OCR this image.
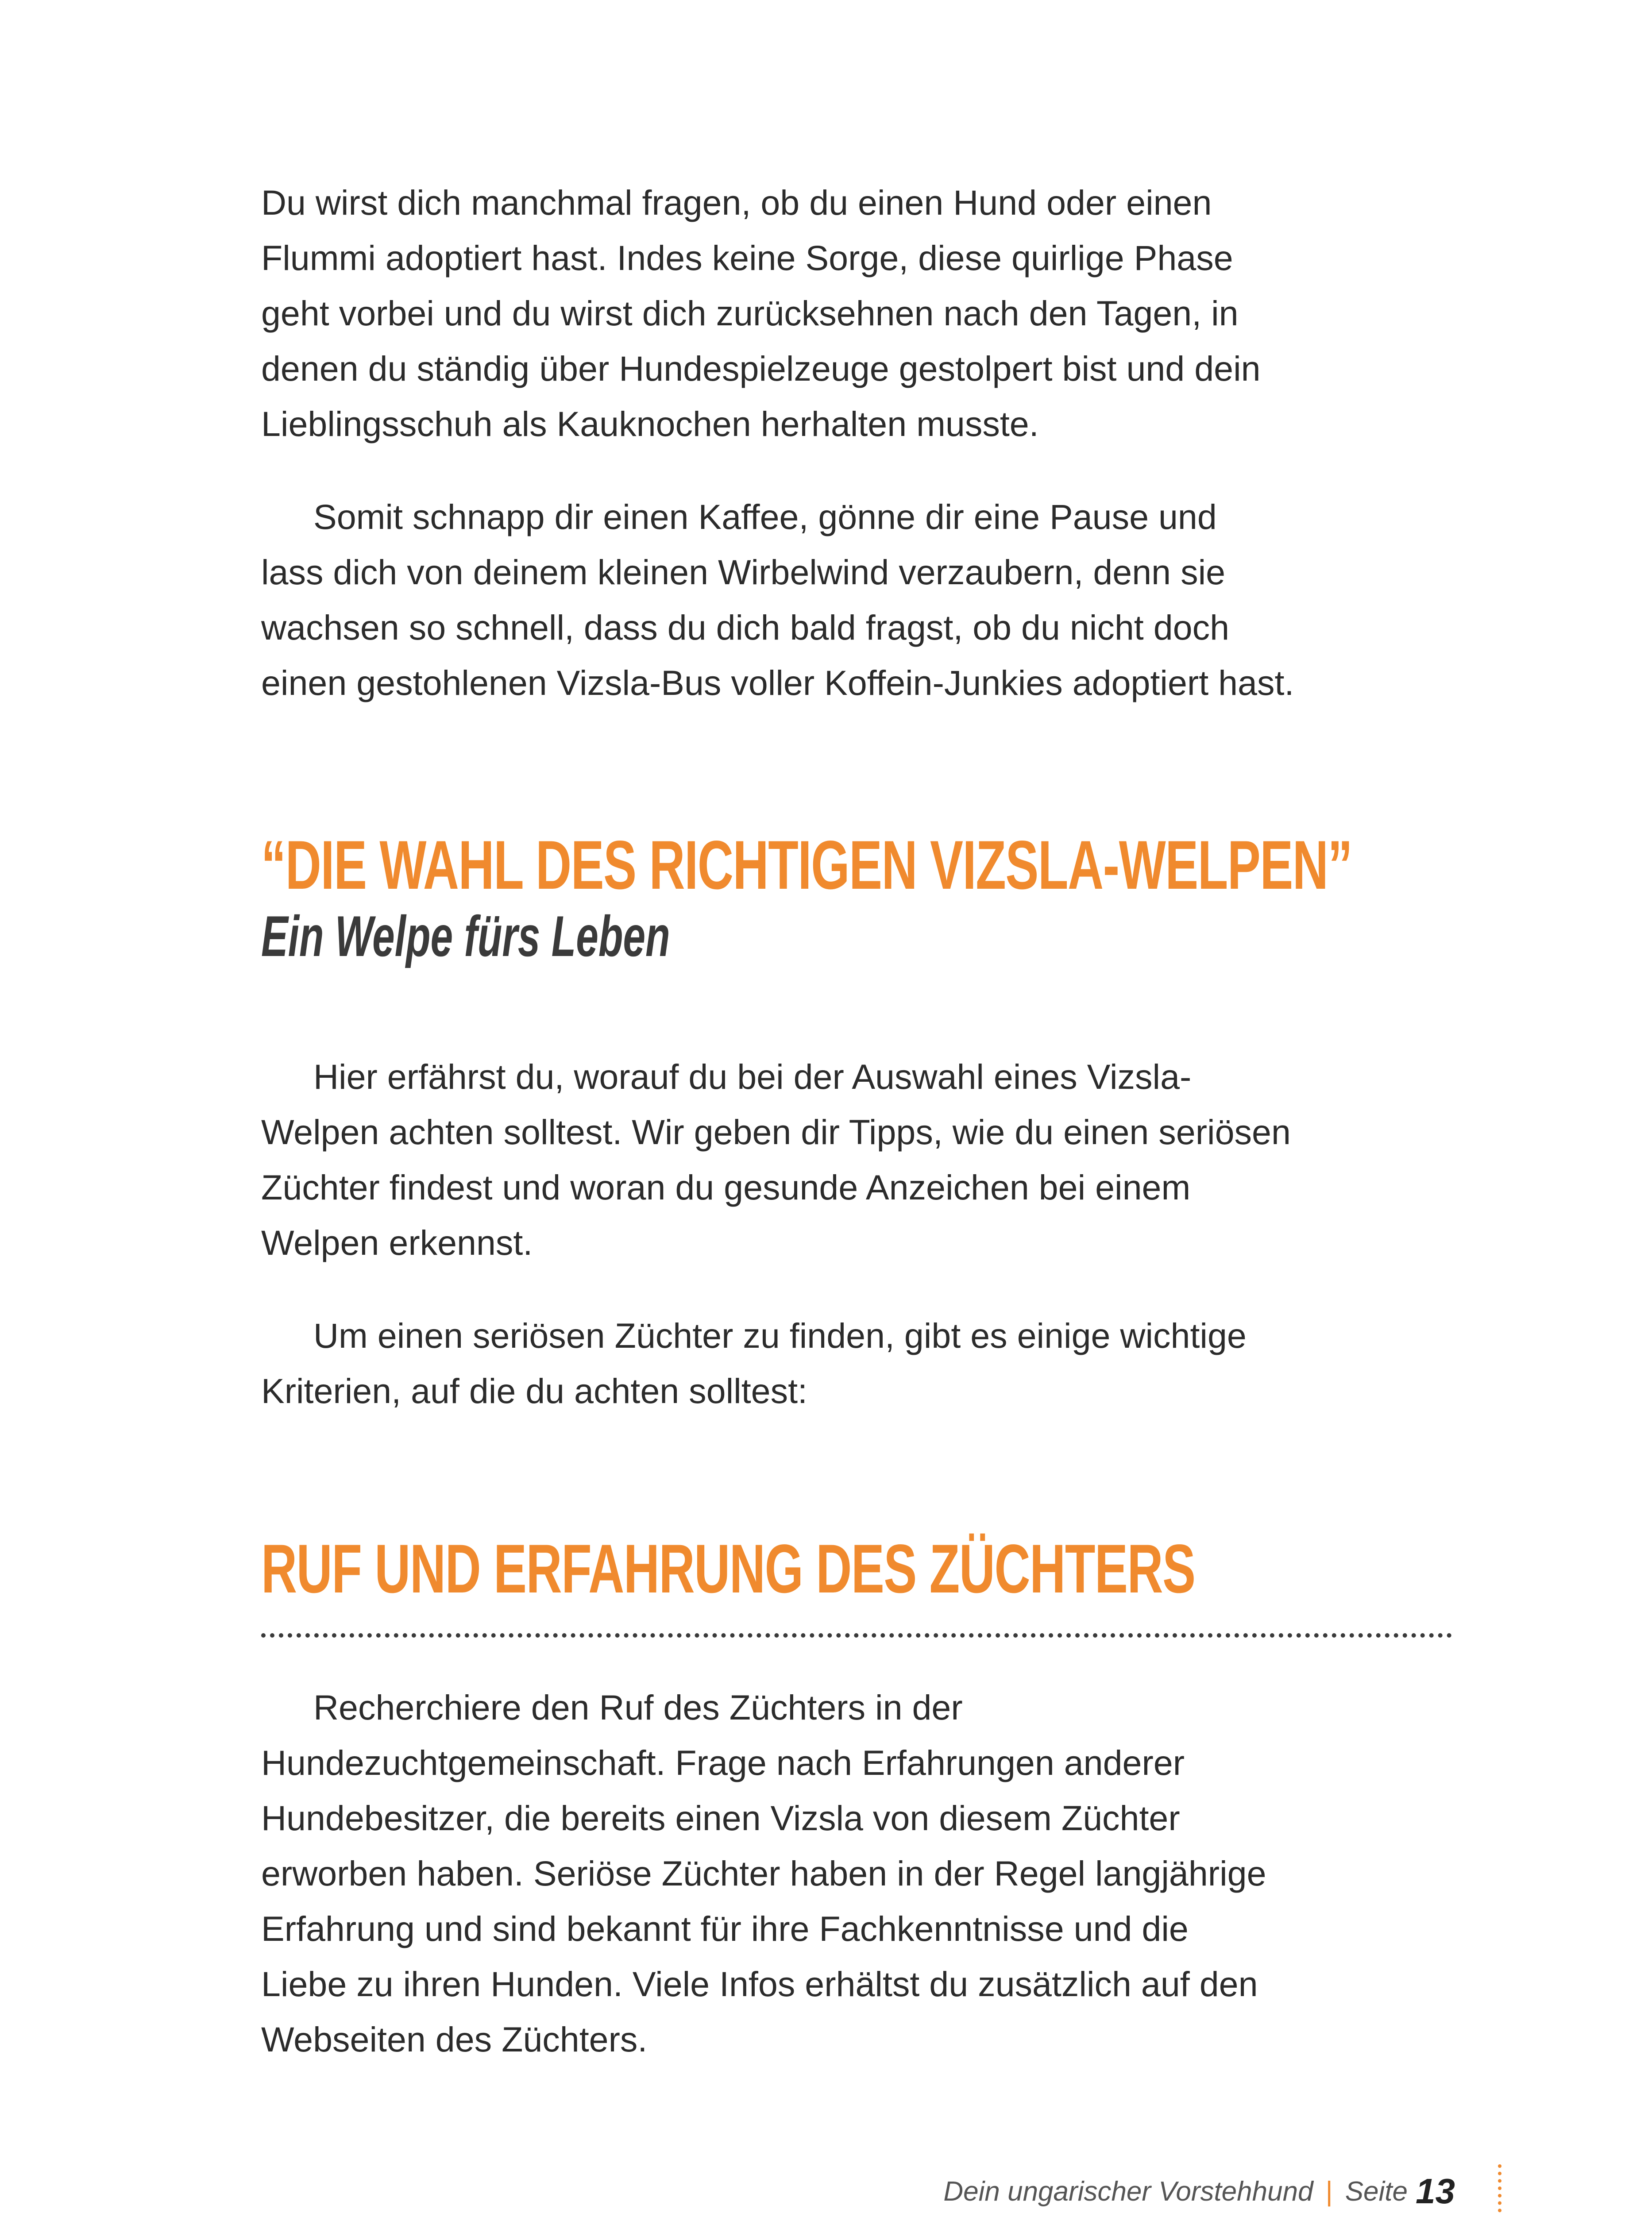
Du wirst dich manchmal fragen, ob du einen Hund oder einen
Flummi adoptiert hast. Indes keine Sorge, diese quirlige Phase
geht vorbei und du wirst dich zurücksehnen nach den Tagen, in
denen du ständig über Hundespielzeuge gestolpert bist und dein
Lieblingsschuh als Kauknochen herhalten musste.

Somit schnapp dir einen Kaffee, gönne dir eine Pause und
lass dich von deinem kleinen Wirbelwind verzaubern, denn sie
wachsen so schnell, dass du dich bald fragst, ob du nicht doch
einen gestohlenen Vizsla-Bus voller Koffein-Junkies adoptiert hast.

“DIE WAHL DES RICHTIGEN VIZSLA-WELPEN”
Ein Welpe fürs Leben

Hier erfährst du, worauf du bei der Auswahl eines Vizsla-
Welpen achten solltest. Wir geben dir Tipps, wie du einen seriösen
Züchter findest und woran du gesunde Anzeichen bei einem
Welpen erkennst.

Um einen seriösen Züchter zu finden, gibt es einige wichtige
Kriterien, auf die du achten solltest:

RUF UND ERFAHRUNG DES ZÜCHTERS

Recherchiere den Ruf des Züchters in der
Hundezuchtgemeinschaft. Frage nach Erfahrungen anderer
Hundebesitzer, die bereits einen Vizsla von diesem Züchter
erworben haben. Seriöse Züchter haben in der Regel langjährige
Erfahrung und sind bekannt für ihre Fachkenntnisse und die
Liebe zu ihren Hunden. Viele Infos erhältst du zusätzlich auf den
Webseiten des Züchters.

Dein ungarischer Vorstehhund | Seite 13
